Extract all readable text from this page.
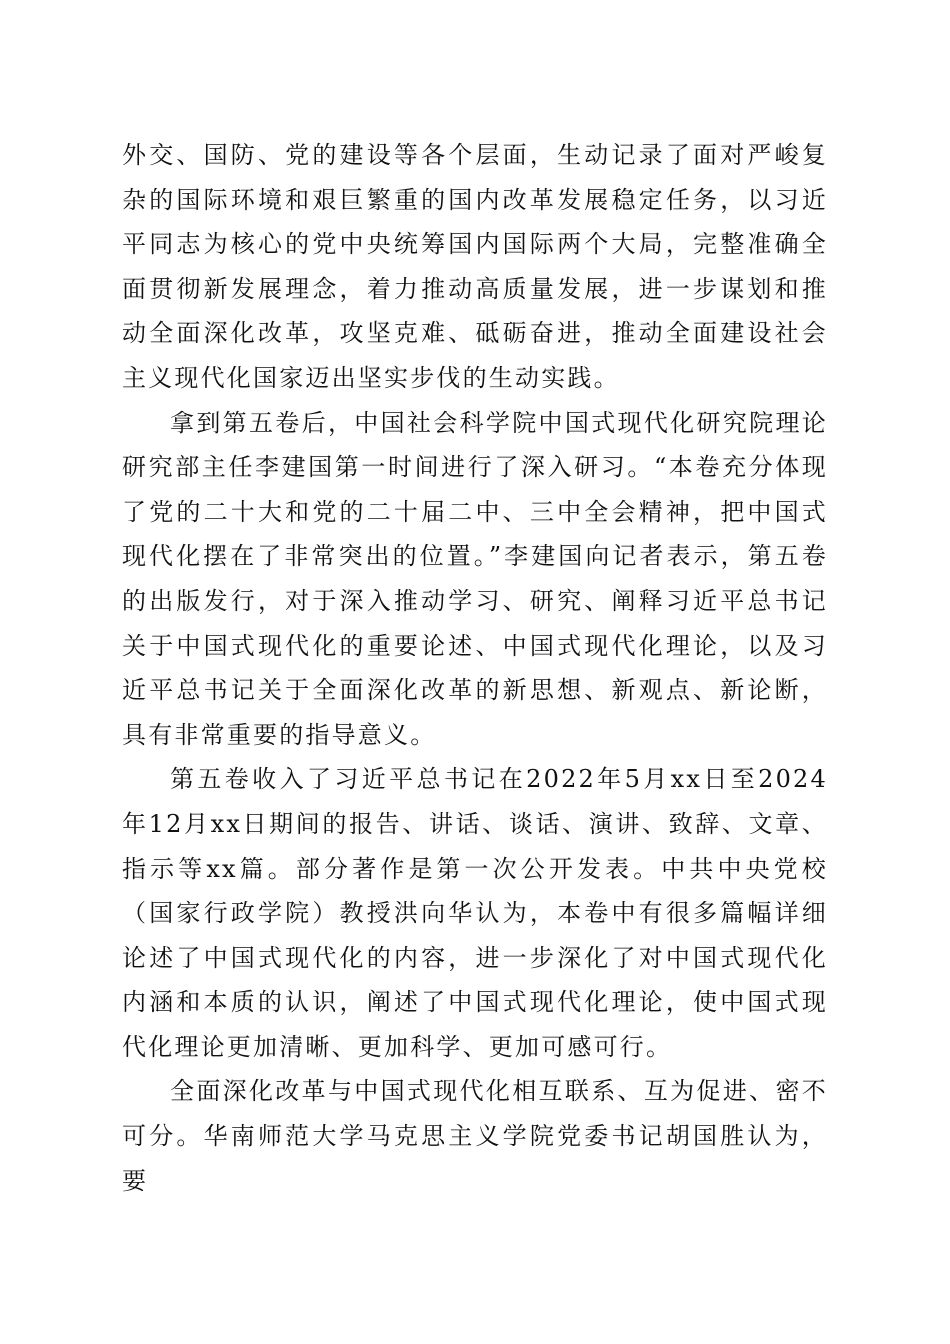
外交、国防、党的建设等各个层面，生动记录了面对严峻复杂的国际环境和艰巨繁重的国内改革发展稳定任务，以习近平同志为核心的党中央统筹国内国际两个大局，完整准确全面贯彻新发展理念，着力推动高质量发展，进一步谋划和推动全面深化改革，攻坚克难、砥砺奋进，推动全面建设社会主义现代化国家迈出坚实步伐的生动实践。

拿到第五卷后，中国社会科学院中国式现代化研究院理论研究部主任李建国第一时间进行了深入研习。“本卷充分体现了党的二十大和党的二十届二中、三中全会精神，把中国式现代化摆在了非常突出的位置。”李建国向记者表示，第五卷的出版发行，对于深入推动学习、研究、阐释习近平总书记关于中国式现代化的重要论述、中国式现代化理论，以及习近平总书记关于全面深化改革的新思想、新观点、新论断，具有非常重要的指导意义。

第五卷收入了习近平总书记在2022年5月xx日至2024年12月xx日期间的报告、讲话、谈话、演讲、致辞、文章、指示等xx篇。部分著作是第一次公开发表。中共中央党校（国家行政学院）教授洪向华认为，本卷中有很多篇幅详细论述了中国式现代化的内容，进一步深化了对中国式现代化内涵和本质的认识，阐述了中国式现代化理论，使中国式现代化理论更加清晰、更加科学、更加可感可行。

全面深化改革与中国式现代化相互联系、互为促进、密不可分。华南师范大学马克思主义学院党委书记胡国胜认为，要
